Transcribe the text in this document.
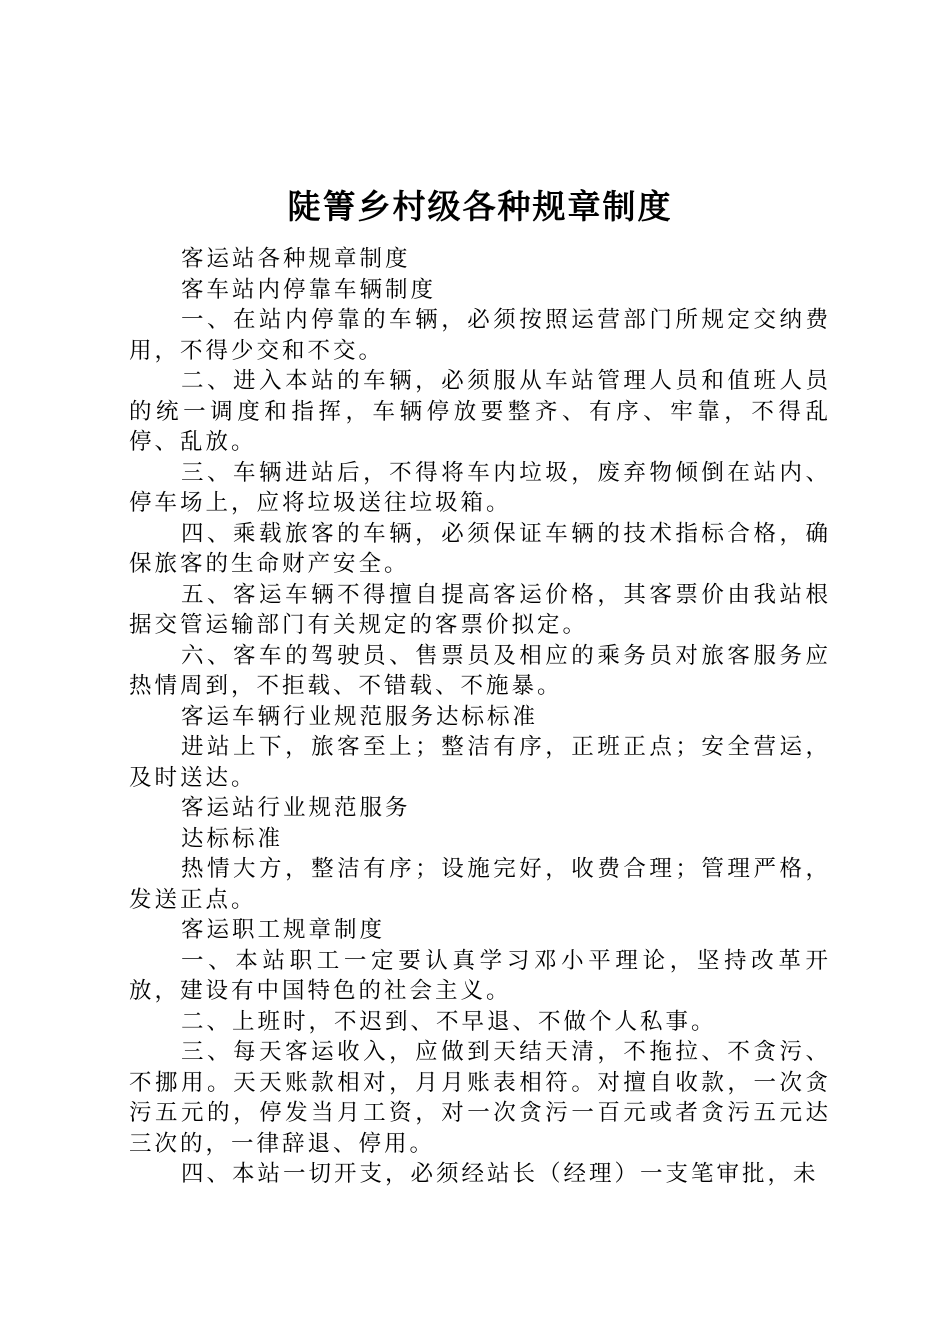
陡箐乡村级各种规章制度

客运站各种规章制度

客车站内停靠车辆制度

一、在站内停靠的车辆，必须按照运营部门所规定交纳费用，不得少交和不交。

二、进入本站的车辆，必须服从车站管理人员和值班人员的统一调度和指挥，车辆停放要整齐、有序、牢靠，不得乱停、乱放。

三、车辆进站后，不得将车内垃圾，废弃物倾倒在站内、停车场上，应将垃圾送往垃圾箱。

四、乘载旅客的车辆，必须保证车辆的技术指标合格，确保旅客的生命财产安全。

五、客运车辆不得擅自提高客运价格，其客票价由我站根据交管运输部门有关规定的客票价拟定。

六、客车的驾驶员、售票员及相应的乘务员对旅客服务应热情周到，不拒载、不错载、不施暴。

客运车辆行业规范服务达标标准

进站上下，旅客至上；整洁有序，正班正点；安全营运，及时送达。

客运站行业规范服务

达标标准

热情大方，整洁有序；设施完好，收费合理；管理严格，发送正点。

客运职工规章制度

一、本站职工一定要认真学习邓小平理论，坚持改革开放，建设有中国特色的社会主义。

二、上班时，不迟到、不早退、不做个人私事。

三、每天客运收入，应做到天结天清，不拖拉、不贪污、不挪用。天天账款相对，月月账表相符。对擅自收款，一次贪污五元的，停发当月工资，对一次贪污一百元或者贪污五元达三次的，一律辞退、停用。

四、本站一切开支，必须经站长（经理）一支笔审批，未
